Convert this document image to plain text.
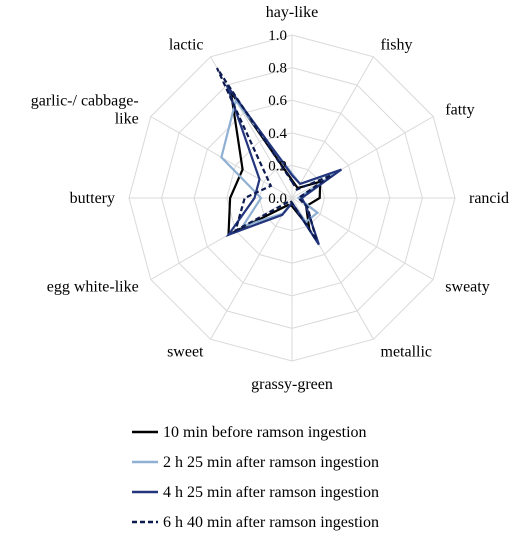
0.0
0.2
0.4
0.6
0.8
1.0
hay-like
fishy
fatty
rancid
sweaty
metallic
grassy-green
sweet
egg white-like
buttery
garlic-/ cabbage-like
lactic
10 min before ramson ingestion
2 h 25 min after ramson ingestion
4 h 25 min after ramson ingestion
6 h 40 min after ramson ingestion
